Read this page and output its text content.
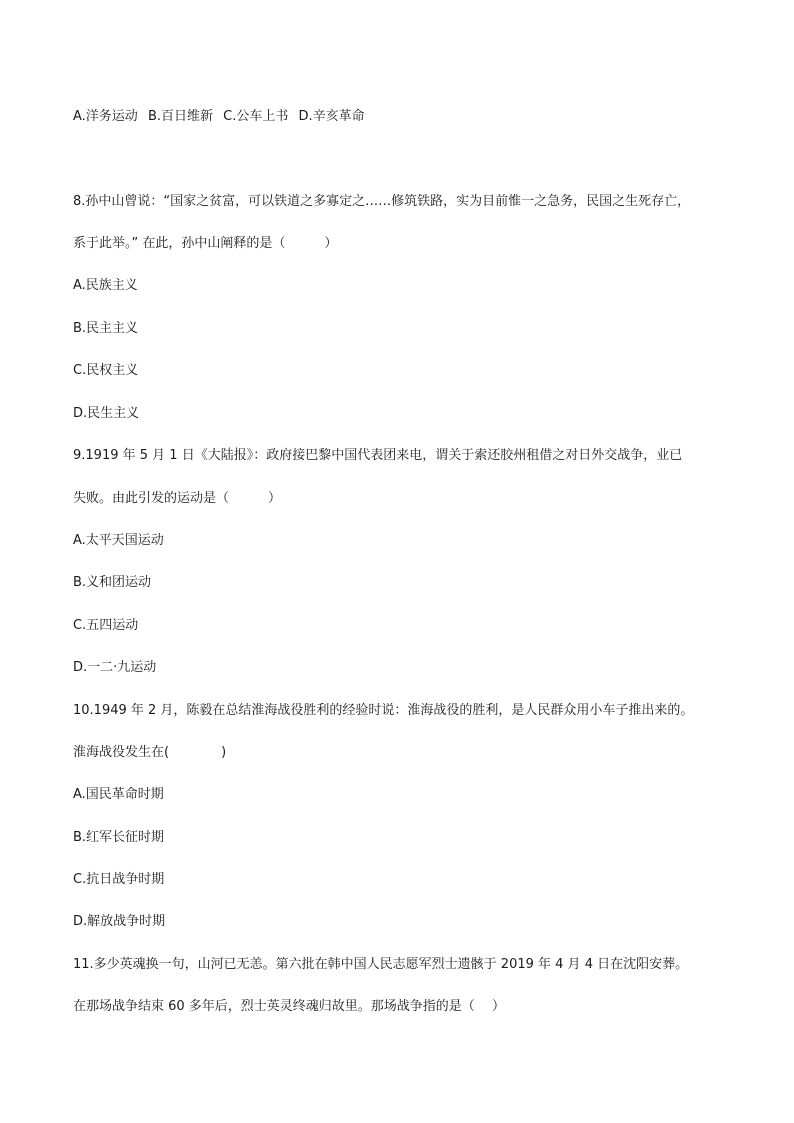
A.洋务运动 B.百日维新 C.公车上书 D.辛亥革命
8.孙中山曾说：“国家之贫富，可以铁道之多寡定之……修筑铁路，实为目前惟一之急务，民国之生死存亡，
系于此举。” 在此，孙中山阐释的是（　　　）
A.民族主义
B.民主主义
C.民权主义
D.民生主义
9.1919 年 5 月 1 日《大陆报》：政府接巴黎中国代表团来电，谓关于索还胶州租借之对日外交战争，业已
失败。由此引发的运动是（　　　）
A.太平天国运动
B.义和团运动
C.五四运动
D.一二·九运动
10.1949 年 2 月，陈毅在总结淮海战役胜利的经验时说：淮海战役的胜利，是人民群众用小车子推出来的。
淮海战役发生在(　　　　)
A.国民革命时期
B.红军长征时期
C.抗日战争时期
D.解放战争时期
11.多少英魂换一句，山河已无恙。第六批在韩中国人民志愿军烈士遗骸于 2019 年 4 月 4 日在沈阳安葬。
在那场战争结束 60 多年后，烈士英灵终魂归故里。那场战争指的是（　 ）
